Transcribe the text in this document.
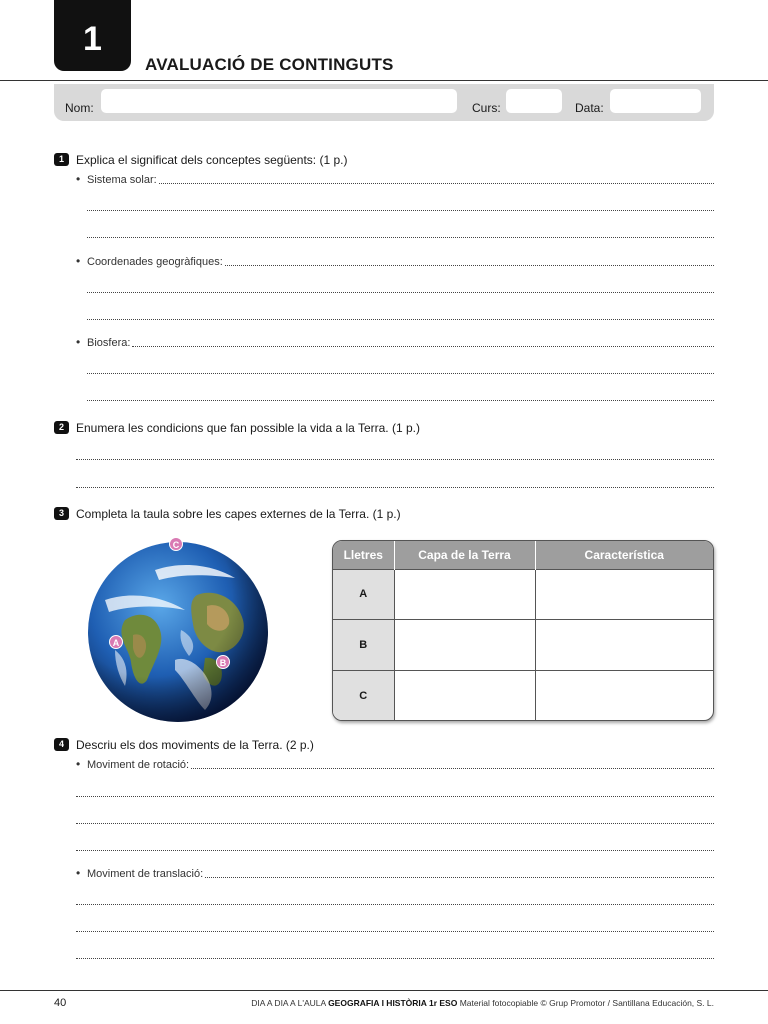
1
AVALUACIÓ DE CONTINGUTS
Nom:	Curs:	Data:
1	Explica el significat dels conceptes següents: (1 p.)
• Sistema solar:
• Coordenades geogràfiques:
• Biosfera:
2	Enumera les condicions que fan possible la vida a la Terra. (1 p.)
3	Completa la taula sobre les capes externes de la Terra. (1 p.)
C
A
B
Lletres	Capa de la Terra	Característica
A		
B		
C		
4	Descriu els dos moviments de la Terra. (2 p.)
• Moviment de rotació:
• Moviment de translació:
40	DIA A DIA A L'AULA GEOGRAFIA I HISTÒRIA 1r ESO Material fotocopiable © Grup Promotor / Santillana Educación, S. L.
